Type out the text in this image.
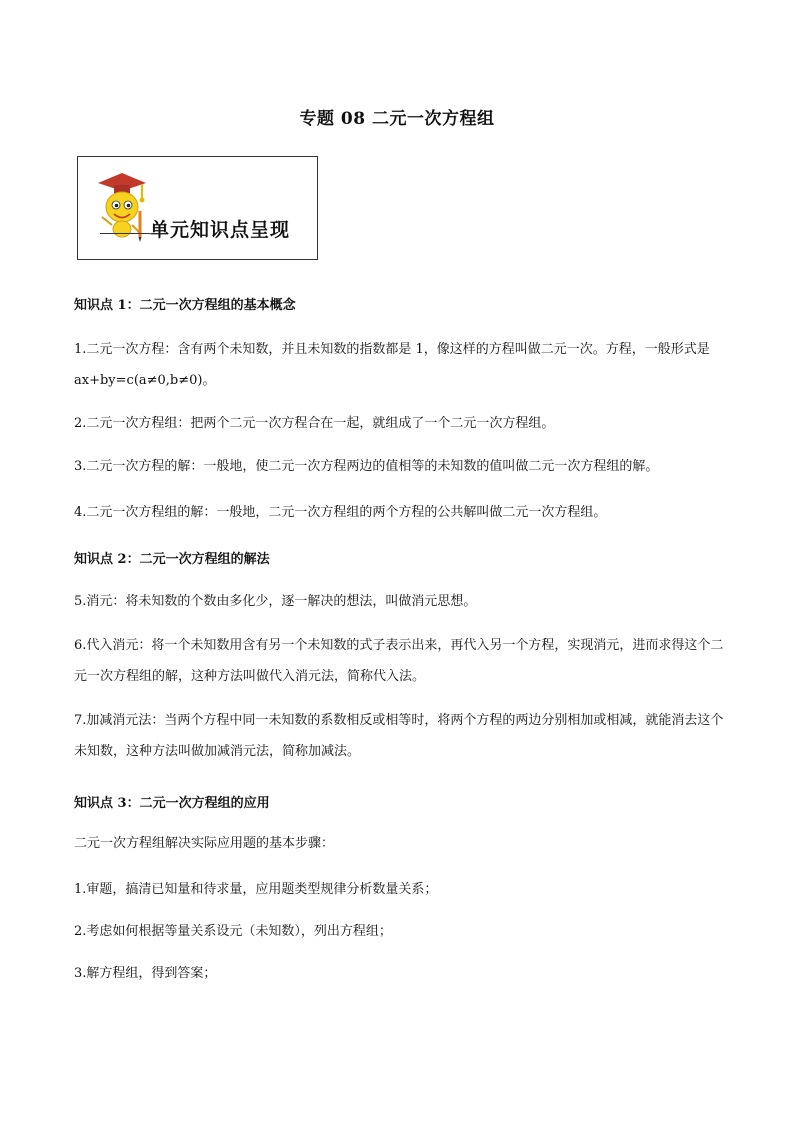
专题 08 二元一次方程组
单元知识点呈现
知识点 1：二元一次方程组的基本概念
1.二元一次方程：含有两个未知数，并且未知数的指数都是 1，像这样的方程叫做二元一次。方程，一般形式是 ax+by=c(a≠0,b≠0)。
2.二元一次方程组：把两个二元一次方程合在一起，就组成了一个二元一次方程组。
3.二元一次方程的解：一般地，使二元一次方程两边的值相等的未知数的值叫做二元一次方程组的解。
4.二元一次方程组的解：一般地，二元一次方程组的两个方程的公共解叫做二元一次方程组。
知识点 2：二元一次方程组的解法
5.消元：将未知数的个数由多化少，逐一解决的想法，叫做消元思想。
6.代入消元：将一个未知数用含有另一个未知数的式子表示出来，再代入另一个方程，实现消元，进而求得这个二元一次方程组的解，这种方法叫做代入消元法，简称代入法。
7.加减消元法：当两个方程中同一未知数的系数相反或相等时，将两个方程的两边分别相加或相减，就能消去这个未知数，这种方法叫做加减消元法，简称加减法。
知识点 3：二元一次方程组的应用
二元一次方程组解决实际应用题的基本步骤：
1.审题，搞清已知量和待求量，应用题类型规律分析数量关系；
2.考虑如何根据等量关系设元（未知数），列出方程组；
3.解方程组，得到答案；
